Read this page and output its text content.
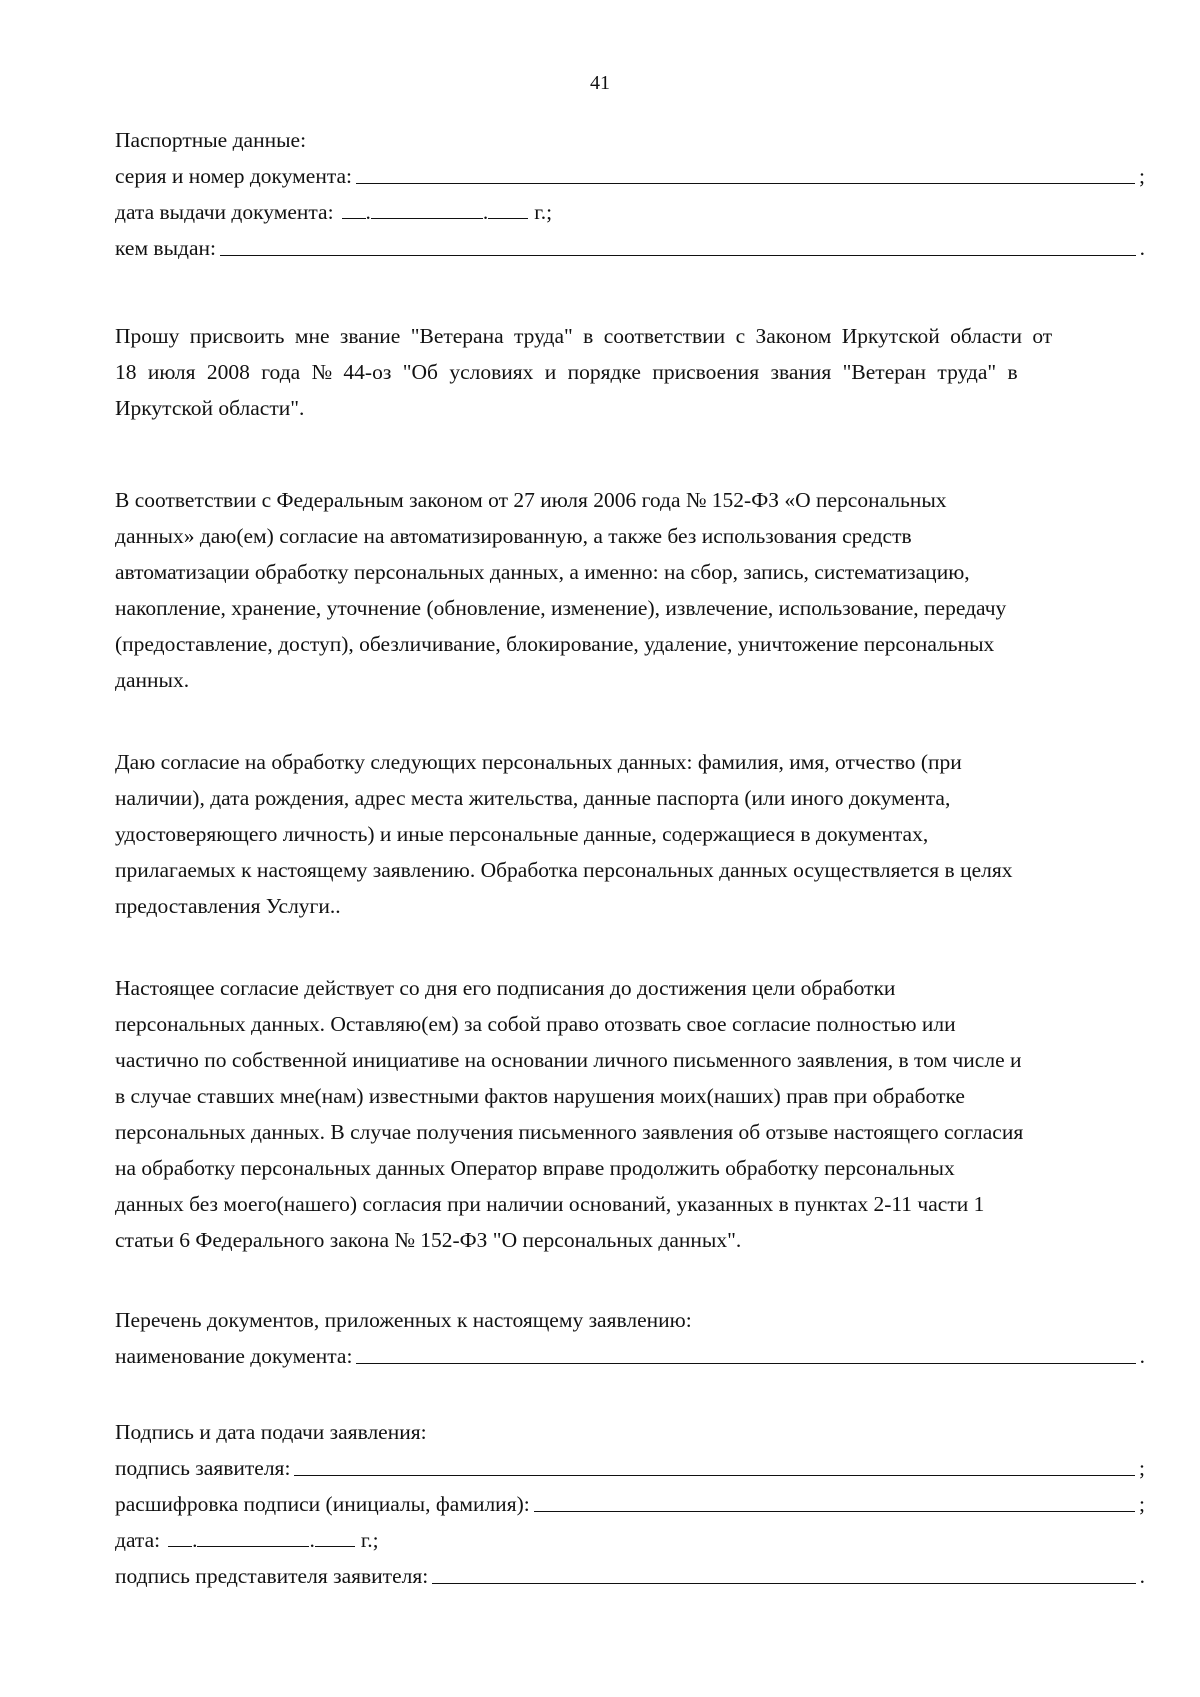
41
Паспортные данные:
серия и номер документа:	;
дата выдачи документа: .	. г.;
кем выдан:	.
Прошу присвоить мне звание "Ветерана труда" в соответствии с Законом Иркутской области от
18 июля 2008 года № 44-оз "Об условиях и порядке присвоения звания "Ветеран труда" в
Иркутской области".
В соответствии с Федеральным законом от 27 июля 2006 года № 152-ФЗ «О персональных
данных» даю(ем) согласие на автоматизированную, а также без использования средств
автоматизации обработку персональных данных, а именно: на сбор, запись, систематизацию,
накопление, хранение, уточнение (обновление, изменение), извлечение, использование, передачу
(предоставление, доступ), обезличивание, блокирование, удаление, уничтожение персональных
данных.
Даю согласие на обработку следующих персональных данных: фамилия, имя, отчество (при
наличии), дата рождения, адрес места жительства, данные паспорта (или иного документа,
удостоверяющего личность) и иные персональные данные, содержащиеся в документах,
прилагаемых к настоящему заявлению. Обработка персональных данных осуществляется в целях
предоставления Услуги..
Настоящее согласие действует со дня его подписания до достижения цели обработки
персональных данных. Оставляю(ем) за собой право отозвать свое согласие полностью или
частично по собственной инициативе на основании личного письменного заявления, в том числе и
в случае ставших мне(нам) известными фактов нарушения моих(наших) прав при обработке
персональных данных. В случае получения письменного заявления об отзыве настоящего согласия
на обработку персональных данных Оператор вправе продолжить обработку персональных
данных без моего(нашего) согласия при наличии оснований, указанных в пунктах 2-11 части 1
статьи 6 Федерального закона № 152-ФЗ "О персональных данных".
Перечень документов, приложенных к настоящему заявлению:
наименование документа:	.
Подпись и дата подачи заявления:
подпись заявителя:	;
расшифровка подписи (инициалы, фамилия):	;
дата: .	. г.;
подпись представителя заявителя:	.
